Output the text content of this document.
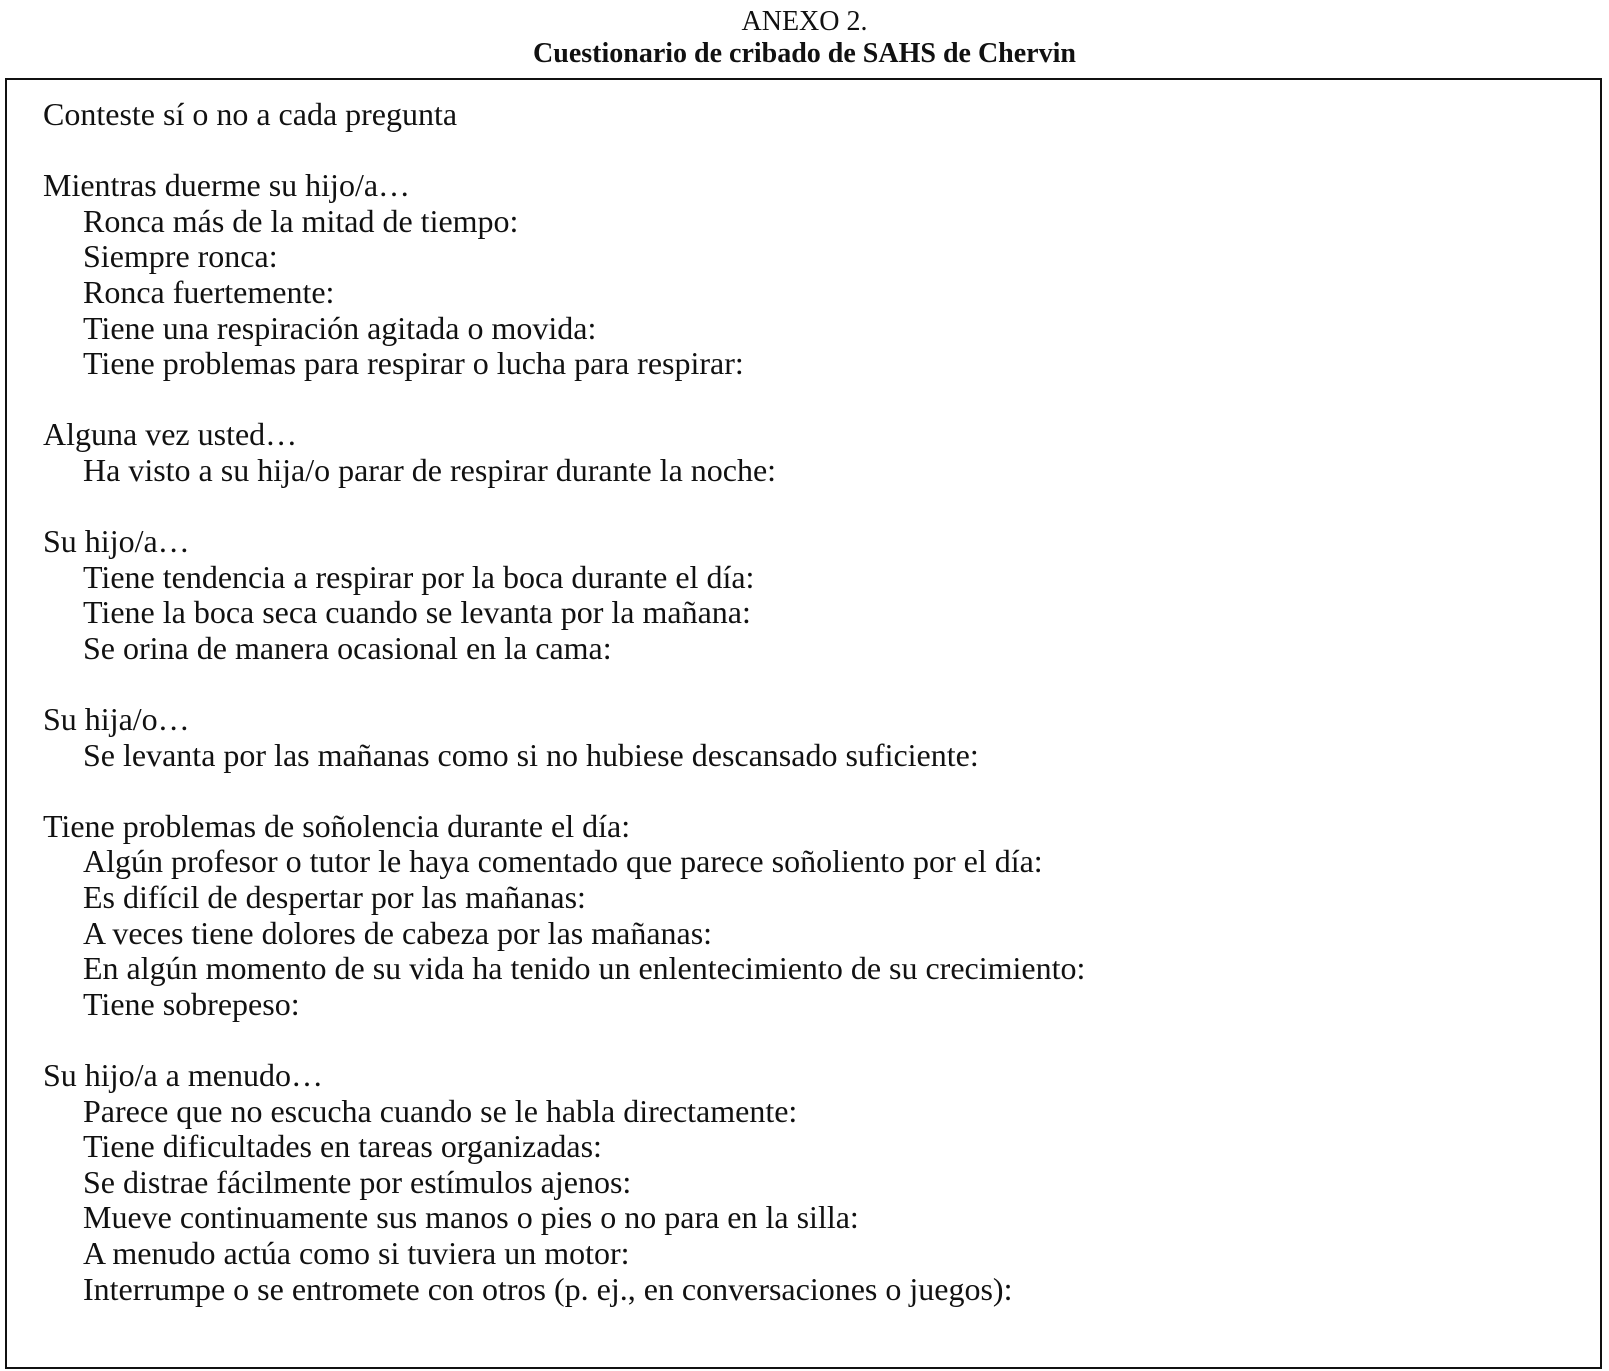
ANEXO 2.
Cuestionario de cribado de SAHS de Chervin
Conteste sí o no a cada pregunta
Mientras duerme su hijo/a…
Ronca más de la mitad de tiempo:
Siempre ronca:
Ronca fuertemente:
Tiene una respiración agitada o movida:
Tiene problemas para respirar o lucha para respirar:
Alguna vez usted…
Ha visto a su hija/o parar de respirar durante la noche:
Su hijo/a…
Tiene tendencia a respirar por la boca durante el día:
Tiene la boca seca cuando se levanta por la mañana:
Se orina de manera ocasional en la cama:
Su hija/o…
Se levanta por las mañanas como si no hubiese descansado suficiente:
Tiene problemas de soñolencia durante el día:
Algún profesor o tutor le haya comentado que parece soñoliento por el día:
Es difícil de despertar por las mañanas:
A veces tiene dolores de cabeza por las mañanas:
En algún momento de su vida ha tenido un enlentecimiento de su crecimiento:
Tiene sobrepeso:
Su hijo/a a menudo…
Parece que no escucha cuando se le habla directamente:
Tiene dificultades en tareas organizadas:
Se distrae fácilmente por estímulos ajenos:
Mueve continuamente sus manos o pies o no para en la silla:
A menudo actúa como si tuviera un motor:
Interrumpe o se entromete con otros (p. ej., en conversaciones o juegos):
